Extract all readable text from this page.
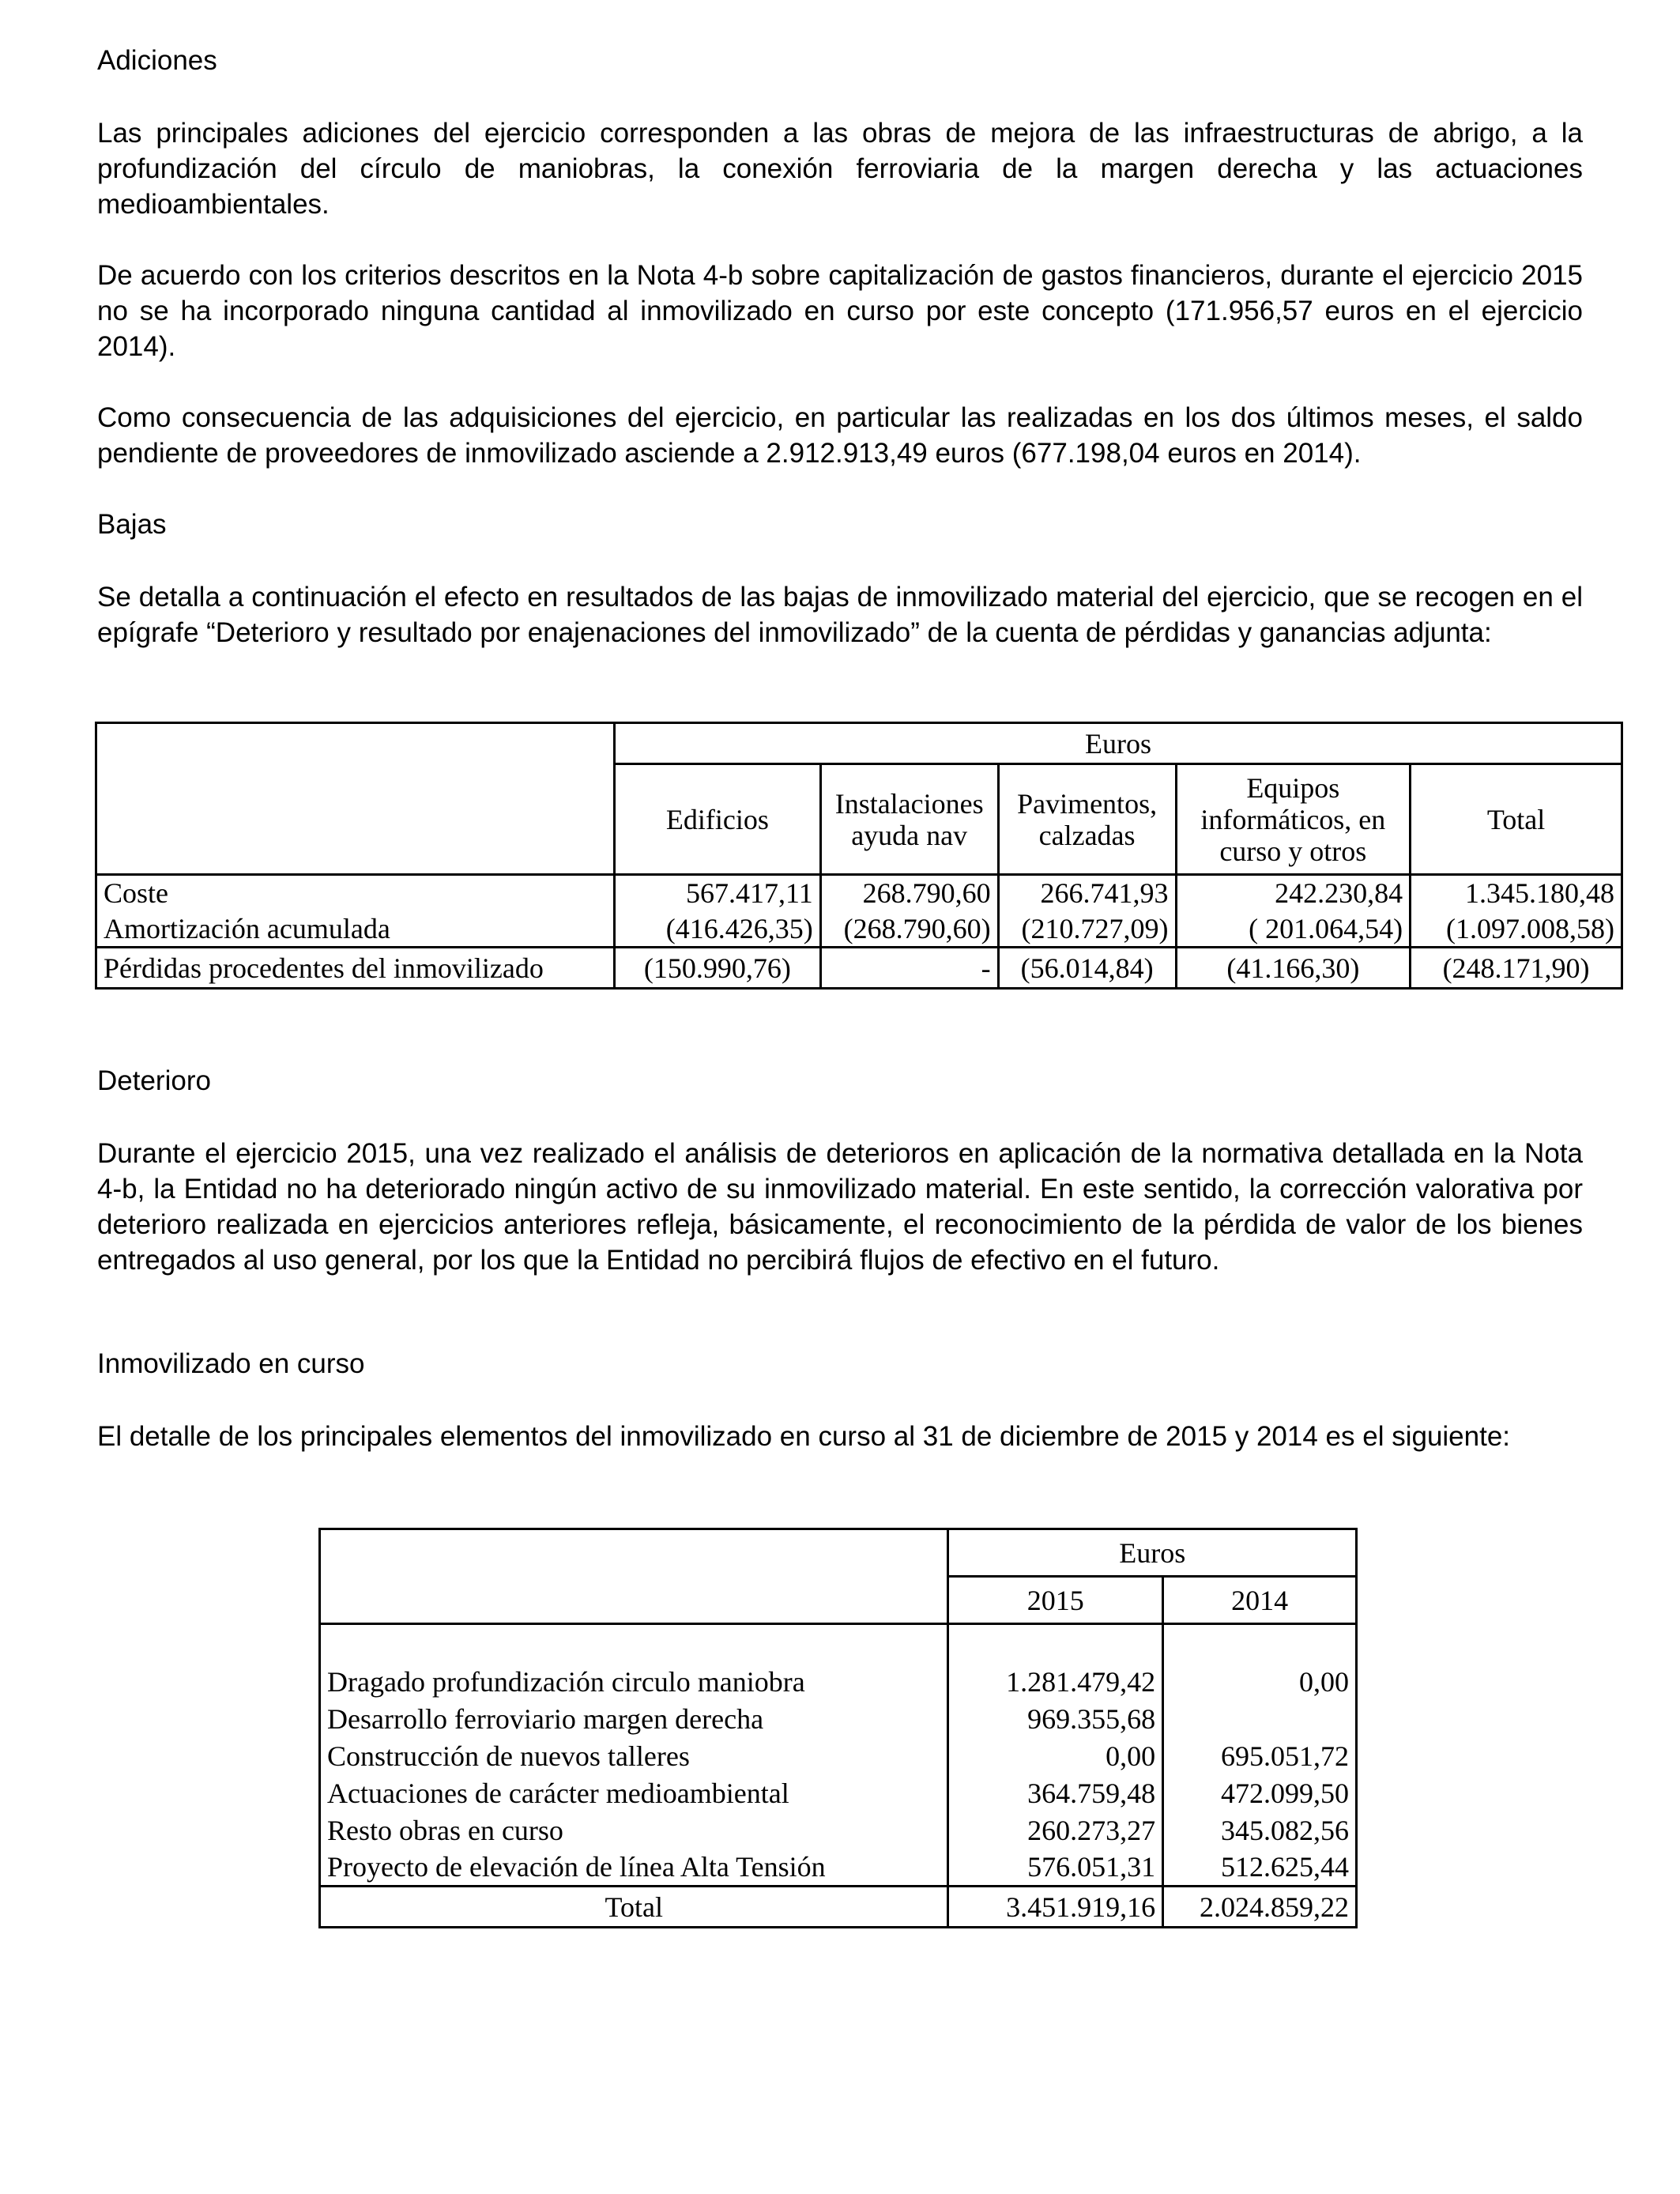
Adiciones

Las principales adiciones del ejercicio corresponden a las obras de mejora de las infraestructuras de abrigo, a la profundización del círculo de maniobras, la conexión ferroviaria de la margen derecha y las actuaciones medioambientales.

De acuerdo con los criterios descritos en la Nota 4-b sobre capitalización de gastos financieros, durante el ejercicio 2015 no se ha incorporado ninguna cantidad al inmovilizado en curso por este concepto (171.956,57 euros en el ejercicio 2014).

Como consecuencia de las adquisiciones del ejercicio, en particular las realizadas en los dos últimos meses, el saldo pendiente de proveedores de inmovilizado asciende a 2.912.913,49 euros (677.198,04 euros en 2014).

Bajas

Se detalla a continuación el efecto en resultados de las bajas de inmovilizado material del ejercicio, que se recogen en el epígrafe “Deterioro y resultado por enajenaciones del inmovilizado” de la cuenta de pérdidas y ganancias adjunta:

	Euros				
	Edificios	Instalaciones ayuda nav	Pavimentos, calzadas	Equipos informáticos, en curso y otros	Total
Coste	567.417,11	268.790,60	266.741,93	242.230,84	1.345.180,48
Amortización acumulada	(416.426,35)	(268.790,60)	(210.727,09)	( 201.064,54)	(1.097.008,58)
Pérdidas procedentes del inmovilizado	(150.990,76)	-	(56.014,84)	(41.166,30)	(248.171,90)
Deterioro

Durante el ejercicio 2015, una vez realizado el análisis de deterioros en aplicación de la normativa detallada en la Nota 4-b, la Entidad no ha deteriorado ningún activo de su inmovilizado material. En este sentido, la corrección valorativa por deterioro realizada en ejercicios anteriores refleja, básicamente, el reconocimiento de la pérdida de valor de los bienes entregados al uso general, por los que la Entidad no percibirá flujos de efectivo en el futuro.

Inmovilizado en curso

El detalle de los principales elementos del inmovilizado en curso al 31 de diciembre de 2015 y 2014 es el siguiente:

	Euros	
	2015	2014

Dragado profundización circulo maniobra	1.281.479,42	0,00
Desarrollo ferroviario margen derecha	969.355,68	
Construcción de nuevos talleres	0,00	695.051,72
Actuaciones de carácter medioambiental	364.759,48	472.099,50
Resto obras en curso	260.273,27	345.082,56
Proyecto de elevación de línea Alta Tensión	576.051,31	512.625,44
Total	3.451.919,16	2.024.859,22
